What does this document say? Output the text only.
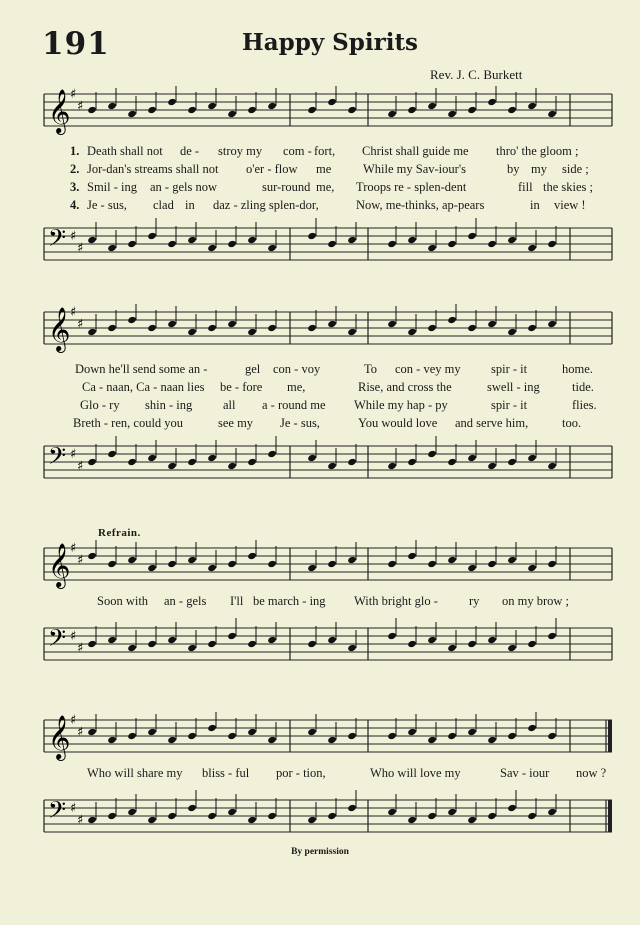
191	Happy Spirits
Rev. J. C. Burkett
𝄞 ♯
♯
1. Death shall not de - stroy my com - fort, Christ shall guide me thro' the gloom ;
2. Jor-dan's streams shall not o'er - flow me	While my Sav-iour's	by my side ;
3. Smil - ing an - gels now	sur-round me, Troops re - splen-dent	fill the skies ;
4. Je - sus, clad in daz - zling splen-dor,	Now, me-thinks, ap-pears	in view !
𝄢 ♯
♯
𝄞 ♯
♯
Down he'll send some an -	gel con - voy	To con - vey my spir - it	home.
Ca - naan, Ca - naan lies be - fore me,	Rise, and cross the	swell - ing	tide.
Glo - ry shin - ing all a - round me While my hap - py	spir - it	flies.
Breth - ren, could you	see my Je - sus,	You would love and serve him,	too.
𝄢 ♯
♯
Refrain.
𝄞 ♯
♯
Soon with an - gels I'll be march - ing With bright glo - ry on my brow ;
𝄢 ♯
♯
𝄞 ♯
♯
Who will share my bliss - ful por - tion,	Who will love my	Sav - iour now ?
𝄢 ♯
♯
By permission
